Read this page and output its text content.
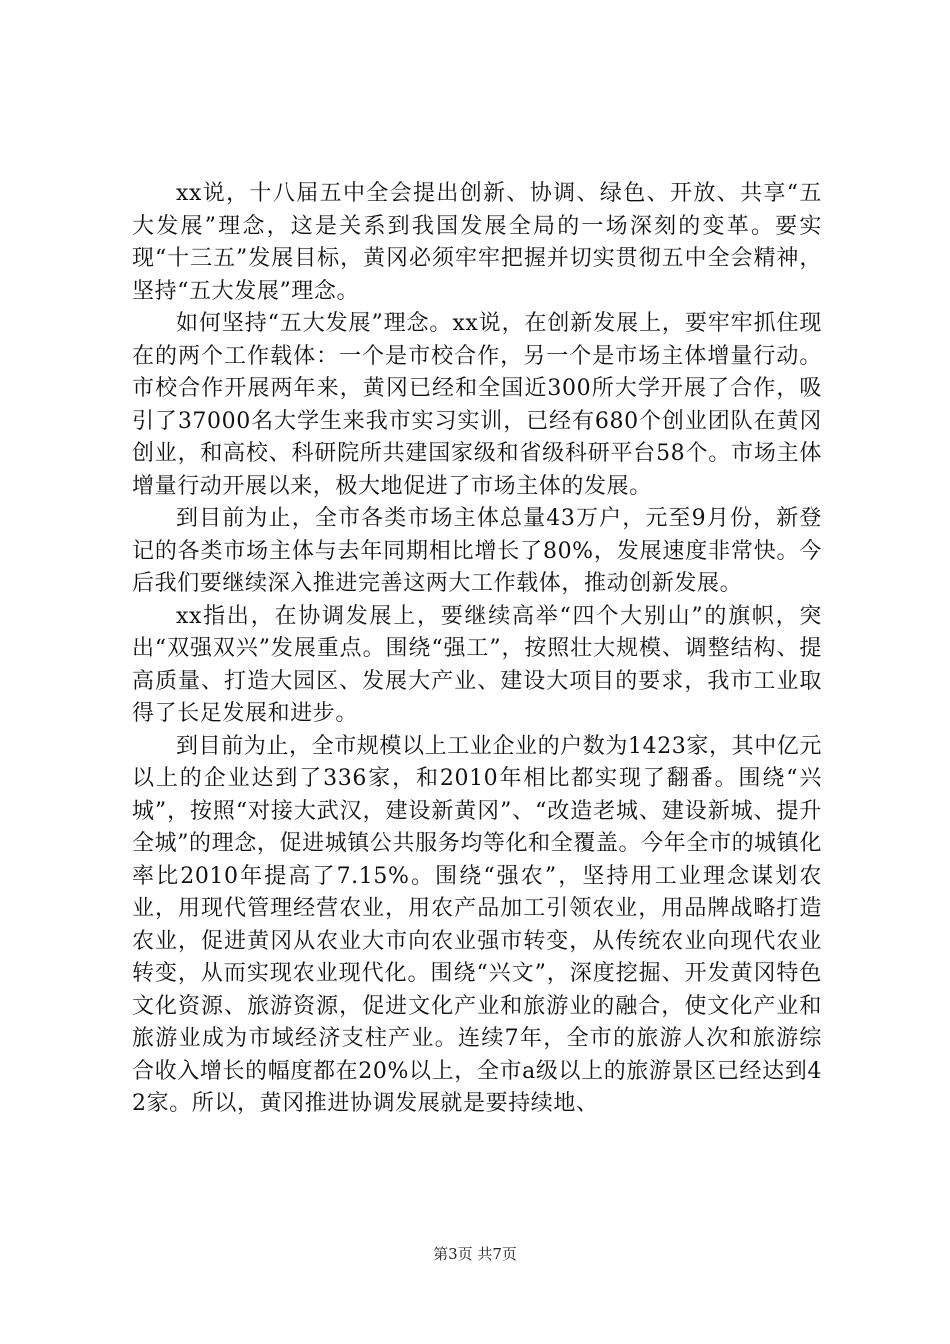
xx说，十八届五中全会提出创新、协调、绿色、开放、共享“五大发展”理念，这是关系到我国发展全局的一场深刻的变革。要实现“十三五”发展目标，黄冈必须牢牢把握并切实贯彻五中全会精神，坚持“五大发展”理念。

如何坚持“五大发展”理念。xx说，在创新发展上，要牢牢抓住现在的两个工作载体：一个是市校合作，另一个是市场主体增量行动。市校合作开展两年来，黄冈已经和全国近300所大学开展了合作，吸引了37000名大学生来我市实习实训，已经有680个创业团队在黄冈创业，和高校、科研院所共建国家级和省级科研平台58个。市场主体增量行动开展以来，极大地促进了市场主体的发展。

到目前为止，全市各类市场主体总量43万户，元至9月份，新登记的各类市场主体与去年同期相比增长了80%，发展速度非常快。今后我们要继续深入推进完善这两大工作载体，推动创新发展。

xx指出，在协调发展上，要继续高举“四个大别山”的旗帜，突出“双强双兴”发展重点。围绕“强工”，按照壮大规模、调整结构、提高质量、打造大园区、发展大产业、建设大项目的要求，我市工业取得了长足发展和进步。

到目前为止，全市规模以上工业企业的户数为1423家，其中亿元以上的企业达到了336家，和2010年相比都实现了翻番。围绕“兴城”，按照“对接大武汉，建设新黄冈”、“改造老城、建设新城、提升全城”的理念，促进城镇公共服务均等化和全覆盖。今年全市的城镇化率比2010年提高了7.15%。围绕“强农”，坚持用工业理念谋划农业，用现代管理经营农业，用农产品加工引领农业，用品牌战略打造农业，促进黄冈从农业大市向农业强市转变，从传统农业向现代农业转变，从而实现农业现代化。围绕“兴文”，深度挖掘、开发黄冈特色文化资源、旅游资源，促进文化产业和旅游业的融合，使文化产业和旅游业成为市域经济支柱产业。连续7年，全市的旅游人次和旅游综合收入增长的幅度都在20%以上，全市a级以上的旅游景区已经达到42家。所以，黄冈推进协调发展就是要持续地、

第3页 共7页
